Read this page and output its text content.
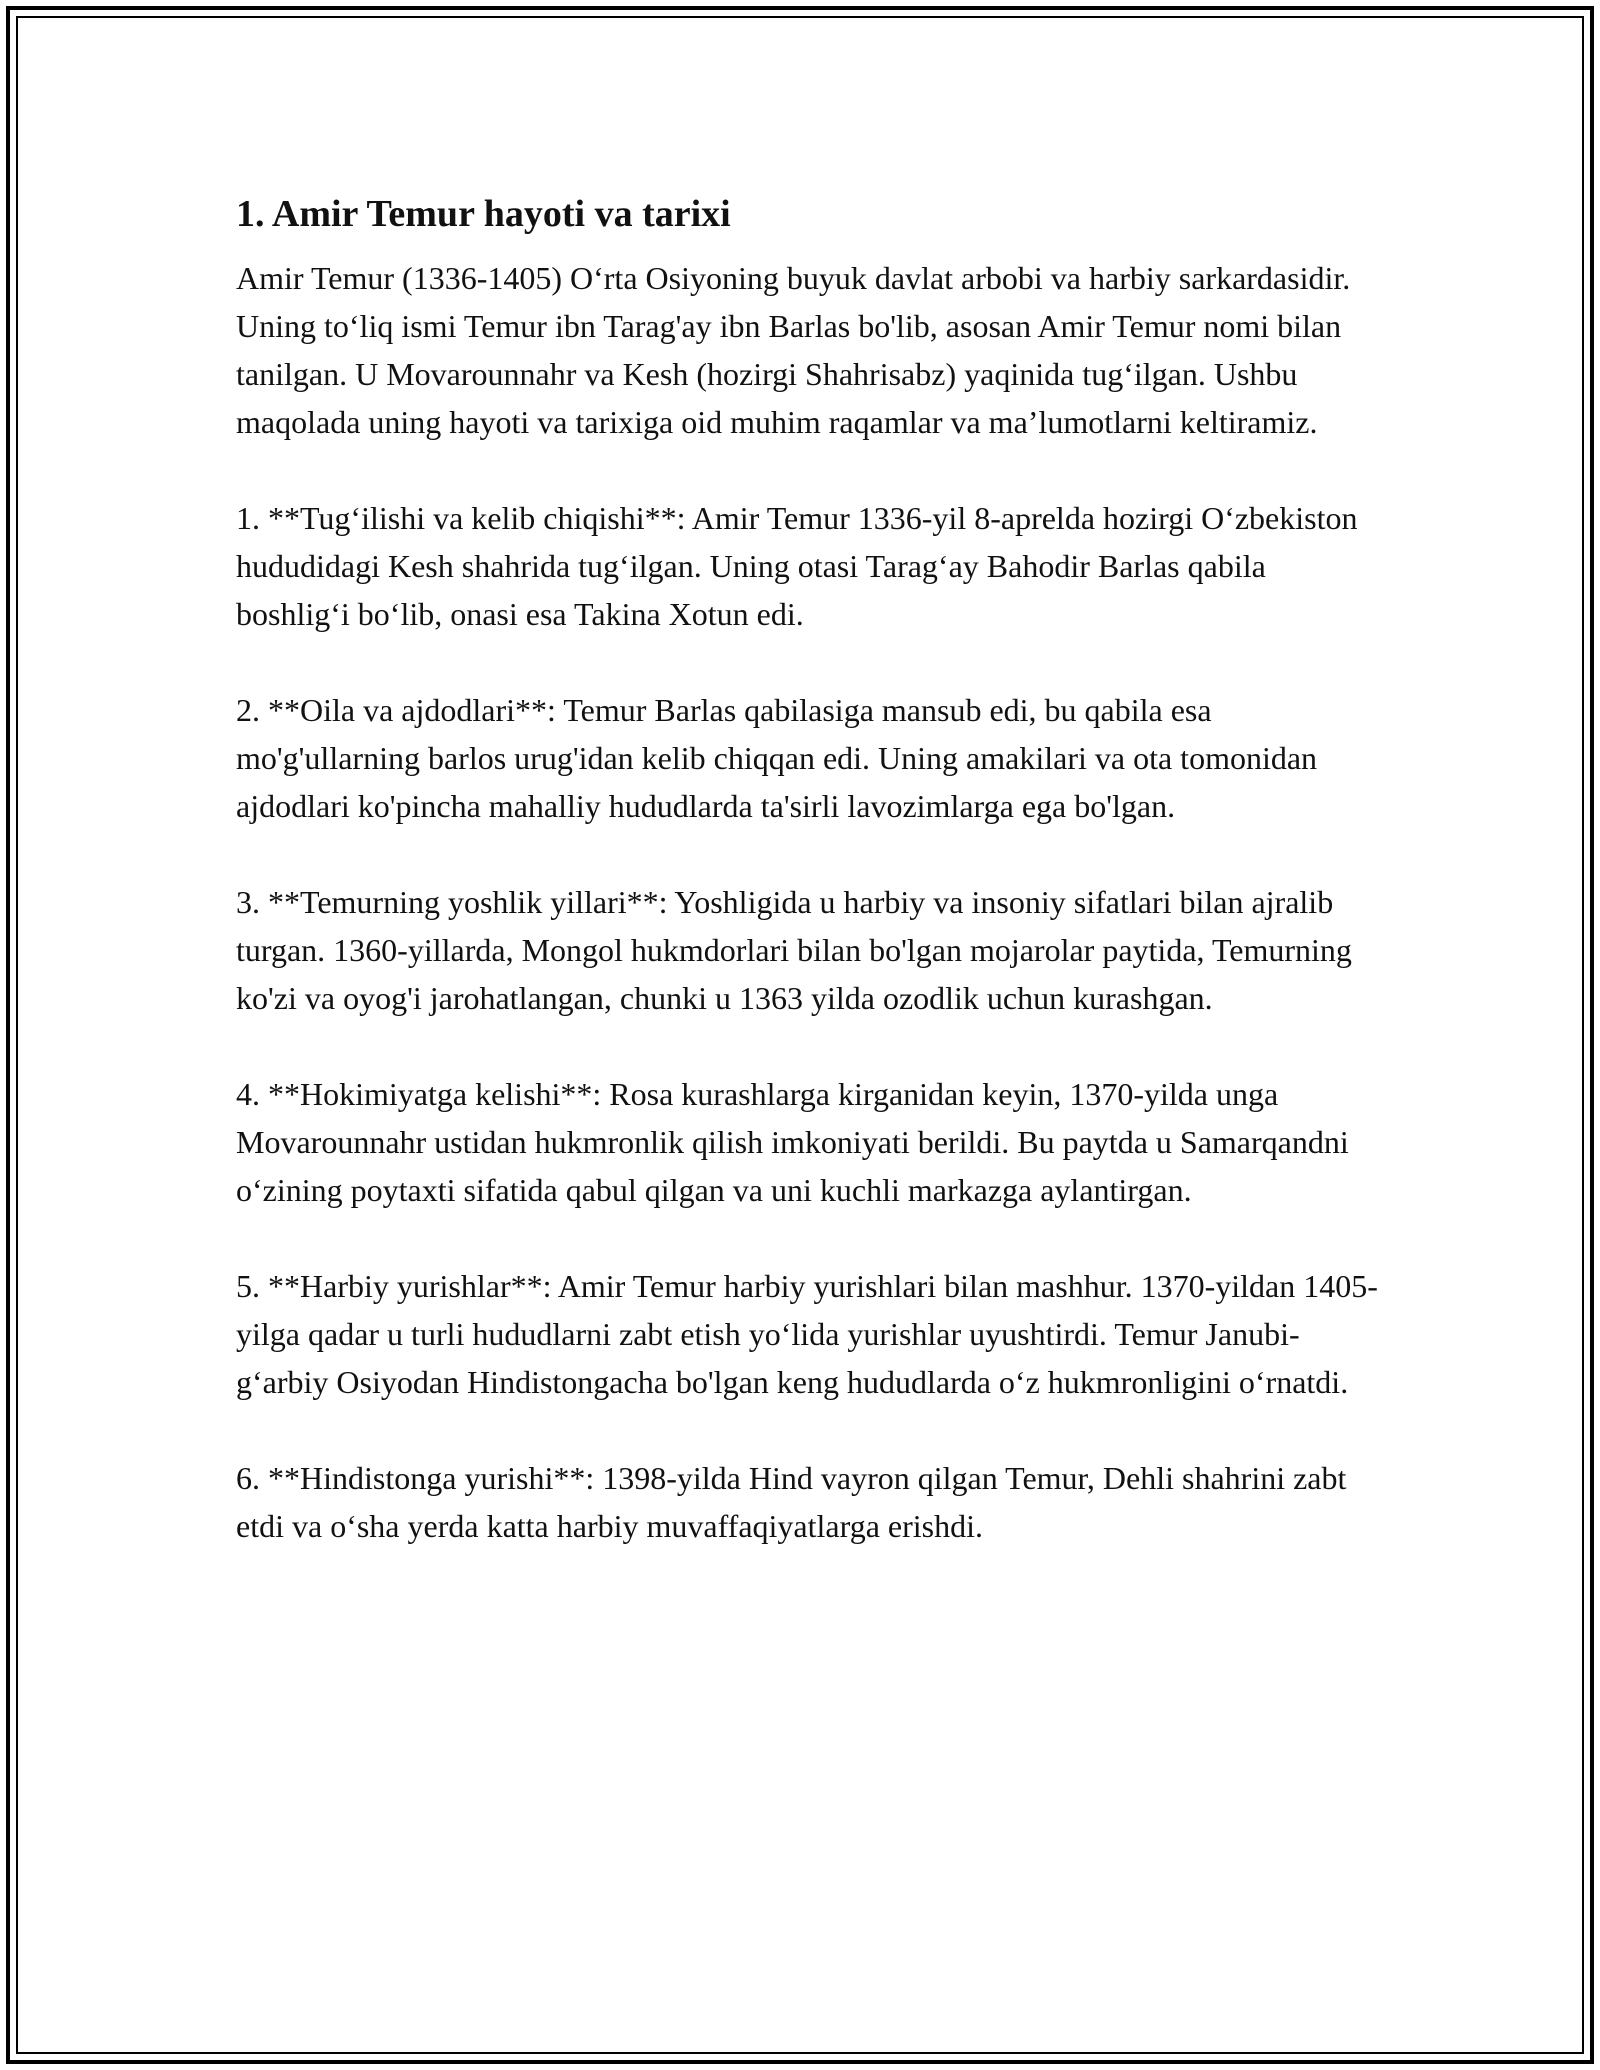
1. Amir Temur hayoti va tarixi

Amir Temur (1336-1405) O‘rta Osiyoning buyuk davlat arbobi va harbiy sarkardasidir. Uning to‘liq ismi Temur ibn Tarag'ay ibn Barlas bo'lib, asosan Amir Temur nomi bilan tanilgan. U Movarounnahr va Kesh (hozirgi Shahrisabz) yaqinida tug‘ilgan. Ushbu maqolada uning hayoti va tarixiga oid muhim raqamlar va ma’lumotlarni keltiramiz.

1. **Tug‘ilishi va kelib chiqishi**: Amir Temur 1336-yil 8-aprelda hozirgi O‘zbekiston hududidagi Kesh shahrida tug‘ilgan. Uning otasi Tarag‘ay Bahodir Barlas qabila boshlig‘i bo‘lib, onasi esa Takina Xotun edi.

2. **Oila va ajdodlari**: Temur Barlas qabilasiga mansub edi, bu qabila esa mo'g'ullarning barlos urug'idan kelib chiqqan edi. Uning amakilari va ota tomonidan ajdodlari ko'pincha mahalliy hududlarda ta'sirli lavozimlarga ega bo'lgan.

3. **Temurning yoshlik yillari**: Yoshligida u harbiy va insoniy sifatlari bilan ajralib turgan. 1360-yillarda, Mongol hukmdorlari bilan bo'lgan mojarolar paytida, Temurning ko'zi va oyog'i jarohatlangan, chunki u 1363 yilda ozodlik uchun kurashgan.

4. **Hokimiyatga kelishi**: Rosa kurashlarga kirganidan keyin, 1370-yilda unga Movarounnahr ustidan hukmronlik qilish imkoniyati berildi. Bu paytda u Samarqandni o‘zining poytaxti sifatida qabul qilgan va uni kuchli markazga aylantirgan.

5. **Harbiy yurishlar**: Amir Temur harbiy yurishlari bilan mashhur. 1370-yildan 1405-yilga qadar u turli hududlarni zabt etish yo‘lida yurishlar uyushtirdi. Temur Janubi-g‘arbiy Osiyodan Hindistongacha bo'lgan keng hududlarda o‘z hukmronligini o‘rnatdi.

6. **Hindistonga yurishi**: 1398-yilda Hind vayron qilgan Temur, Dehli shahrini zabt etdi va o‘sha yerda katta harbiy muvaffaqiyatlarga erishdi.
